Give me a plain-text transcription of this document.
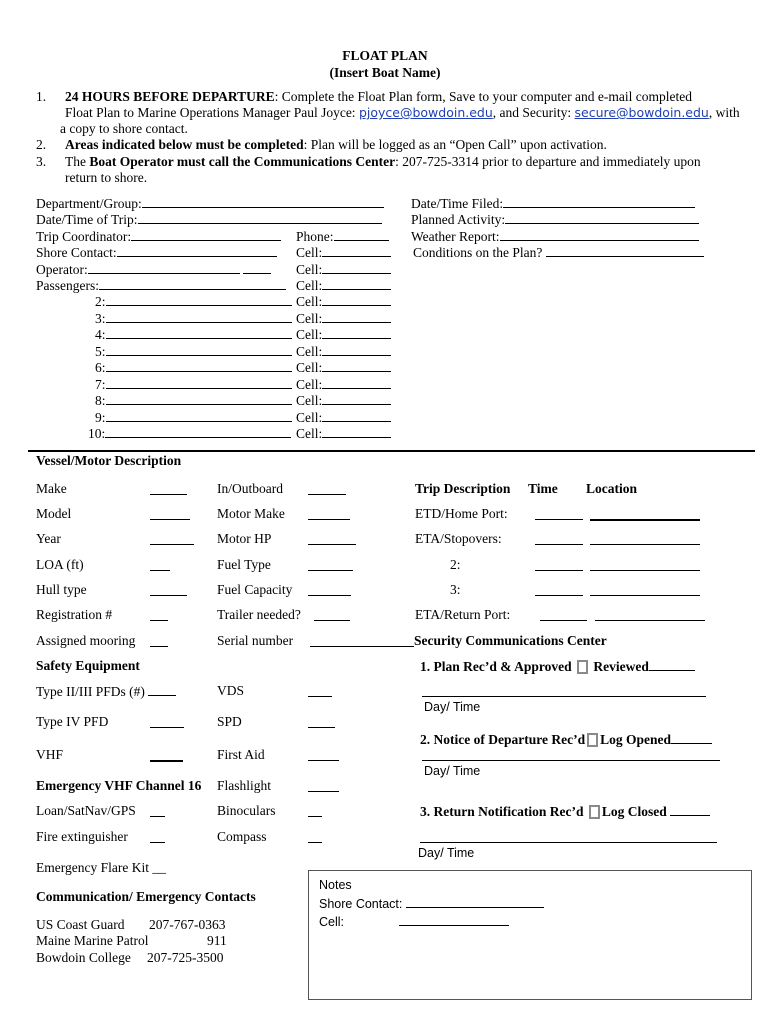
FLOAT PLAN
(Insert Boat Name)
1. 24 HOURS BEFORE DEPARTURE: Complete the Float Plan form, Save to your computer and e-mail completed
Float Plan to Marine Operations Manager Paul Joyce: pjoyce@bowdoin.edu, and Security: secure@bowdoin.edu, with
a copy to shore contact.
2. Areas indicated below must be completed: Plan will be logged as an “Open Call” upon activation.
3. The Boat Operator must call the Communications Center: 207-725-3314 prior to departure and immediately upon
return to shore.
Department/Group:
Date/Time of Trip:
Trip Coordinator:	Phone:
Shore Contact:	Cell:
Operator:	Cell:
Passengers:	Cell:
2:	Cell:
3:	Cell:
4:	Cell:
5:	Cell:
6:	Cell:
7:	Cell:
8:	Cell:
9:	Cell:
10:	Cell:
Date/Time Filed:
Planned Activity:
Weather Report:
Conditions on the Plan?
Vessel/Motor Description
Make	In/Outboard
Model	Motor Make
Year	Motor HP
LOA (ft)	Fuel Type
Hull type	Fuel Capacity
Registration #	Trailer needed?
Assigned mooring	Serial number
Trip Description Time Location
ETD/Home Port:
ETA/Stopovers:
2:
3:
ETA/Return Port:
Security Communications Center
1. Plan Rec’d & Approved Reviewed
Day/ Time
2. Notice of Departure Rec’d Log Opened
Day/ Time
3. Return Notification Rec’d Log Closed
Day/ Time
Safety Equipment
Type II/III PFDs (#)	VDS
Type IV PFD	SPD
VHF	First Aid
Emergency VHF Channel 16 Flashlight
Loan/SatNav/GPS	Binoculars
Fire extinguisher	Compass
Emergency Flare Kit __
Communication/ Emergency Contacts
US Coast Guard 207-767-0363
Maine Marine Patrol	911
Bowdoin College 207-725-3500
Notes
Shore Contact:
Cell:
